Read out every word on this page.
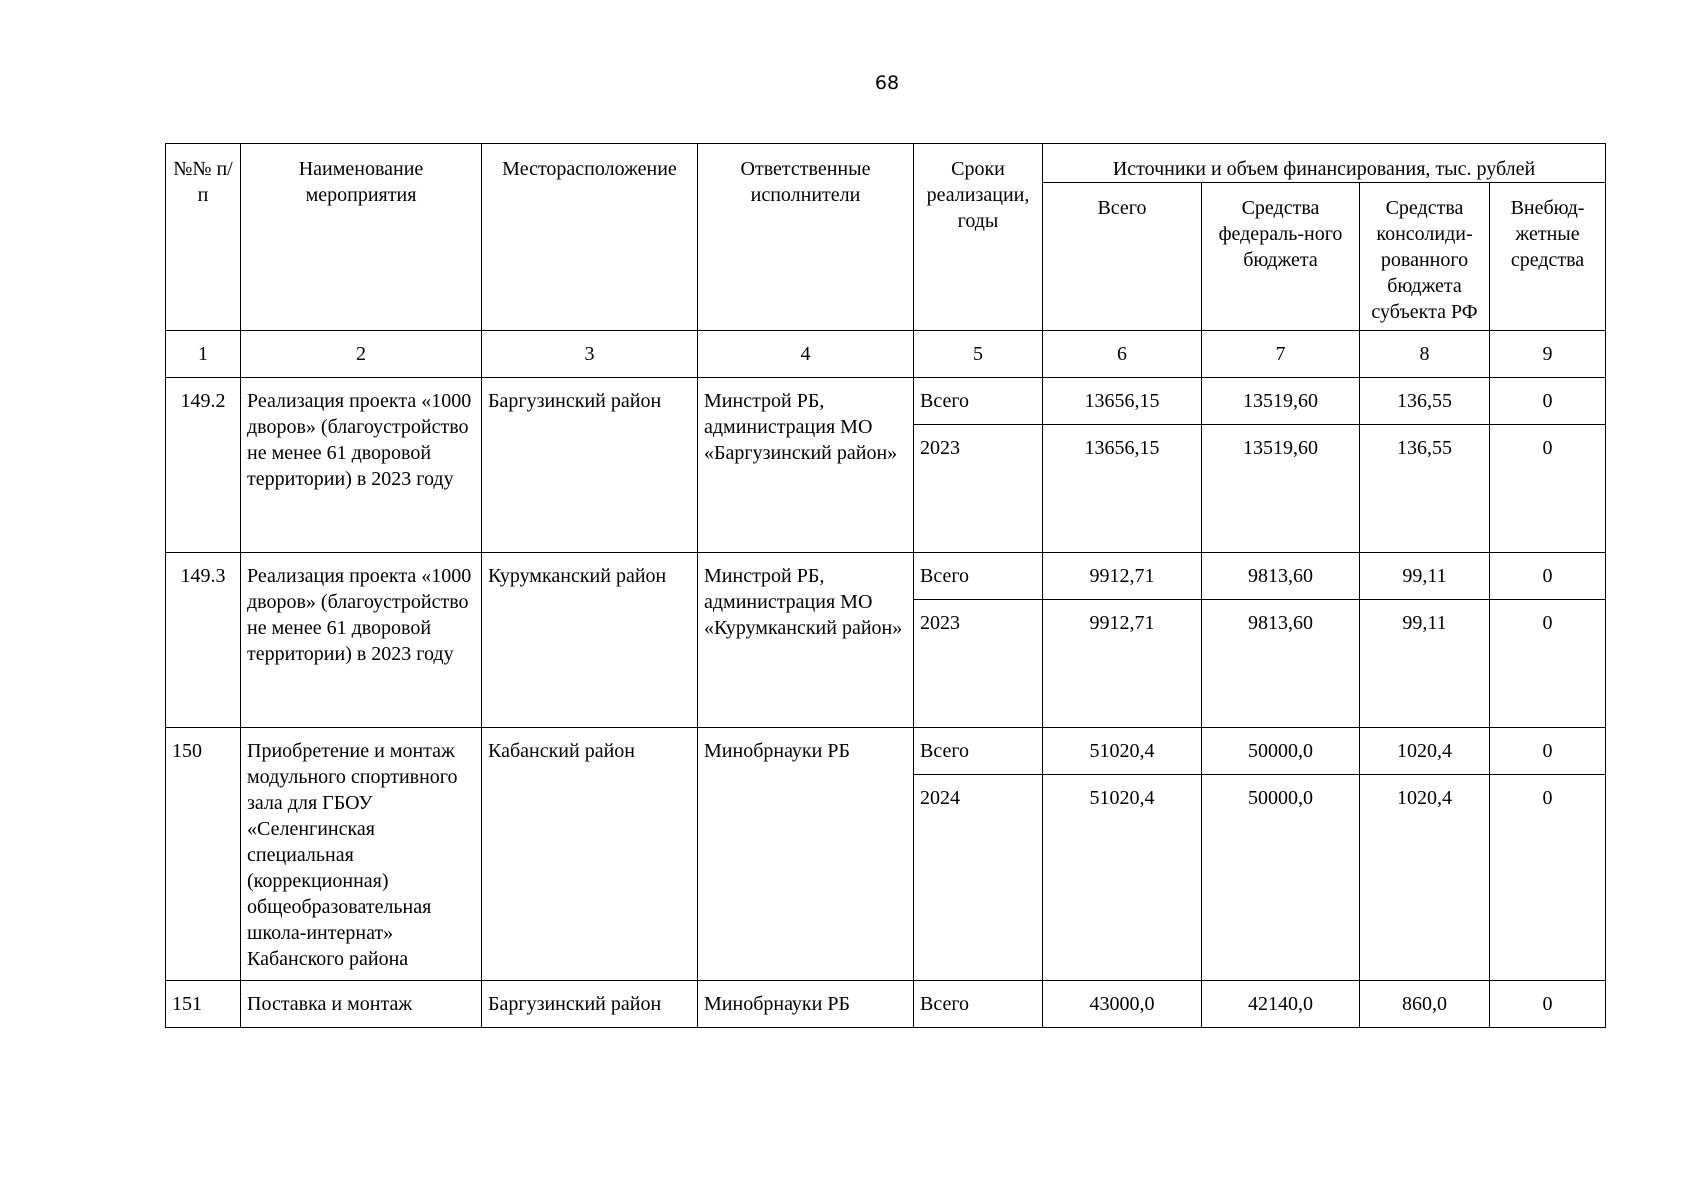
68
№№ п/п	Наименование мероприятия	Месторасположение	Ответственные исполнители	Сроки реализации, годы	Источники и объем финансирования, тыс. рублей			
					Всего	Средства федераль-ного бюджета	Средства консолиди-рованного бюджета субъекта РФ	Внебюд-жетные средства
1	2	3	4	5	6	7	8	9
149.2	Реализация проекта «1000 дворов» (благоустройство не менее 61 дворовой территории) в 2023 году	Баргузинский район	Минстрой РБ, администрация МО «Баргузинский район»	Всего	13656,15	13519,60	136,55	0
				2023	13656,15	13519,60	136,55	0
149.3	Реализация проекта «1000 дворов» (благоустройство не менее 61 дворовой территории) в 2023 году	Курумканский район	Минстрой РБ, администрация МО «Курумканский район»	Всего	9912,71	9813,60	99,11	0
				2023	9912,71	9813,60	99,11	0
150	Приобретение и монтаж модульного спортивного зала для ГБОУ «Селенгинская специальная (коррекционная) общеобразовательная школа-интернат» Кабанского района	Кабанский район	Минобрнауки РБ	Всего	51020,4	50000,0	1020,4	0
				2024	51020,4	50000,0	1020,4	0
151	Поставка и монтаж	Баргузинский район	Минобрнауки РБ	Всего	43000,0	42140,0	860,0	0
